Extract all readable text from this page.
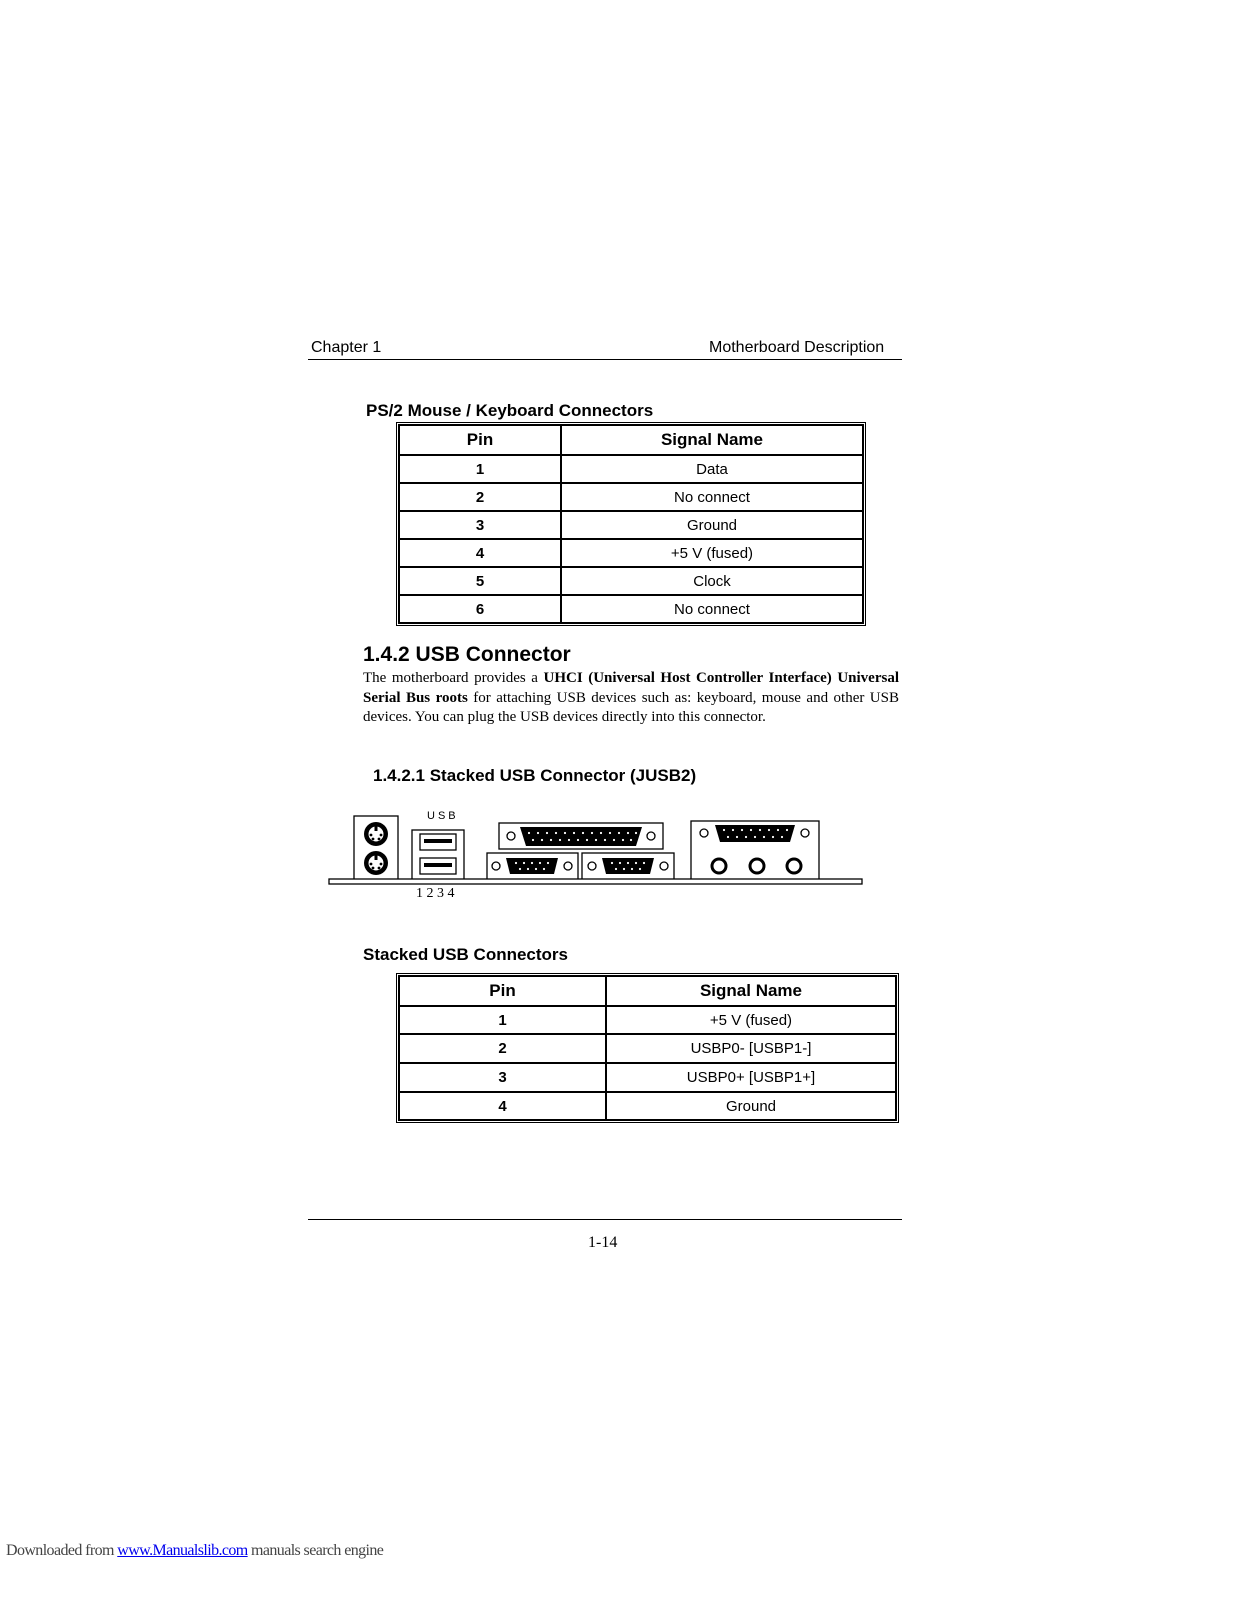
Chapter 1	Motherboard Description
PS/2 Mouse / Keyboard Connectors
Pin	Signal Name
1	Data
2	No connect
3	Ground
4	+5 V (fused)
5	Clock
6	No connect
1.4.2 USB Connector
The motherboard provides a UHCI (Universal Host Controller Interface) Universal Serial Bus roots for attaching USB devices such as: keyboard, mouse and other USB devices. You can plug the USB devices directly into this connector.
1.4.2.1 Stacked USB Connector (JUSB2)
USB
1 2 3 4
Stacked USB Connectors
Pin	Signal Name
1	+5 V (fused)
2	USBP0- [USBP1-]
3	USBP0+ [USBP1+]
4	Ground
1-14
Downloaded from www.Manualslib.com manuals search engine
